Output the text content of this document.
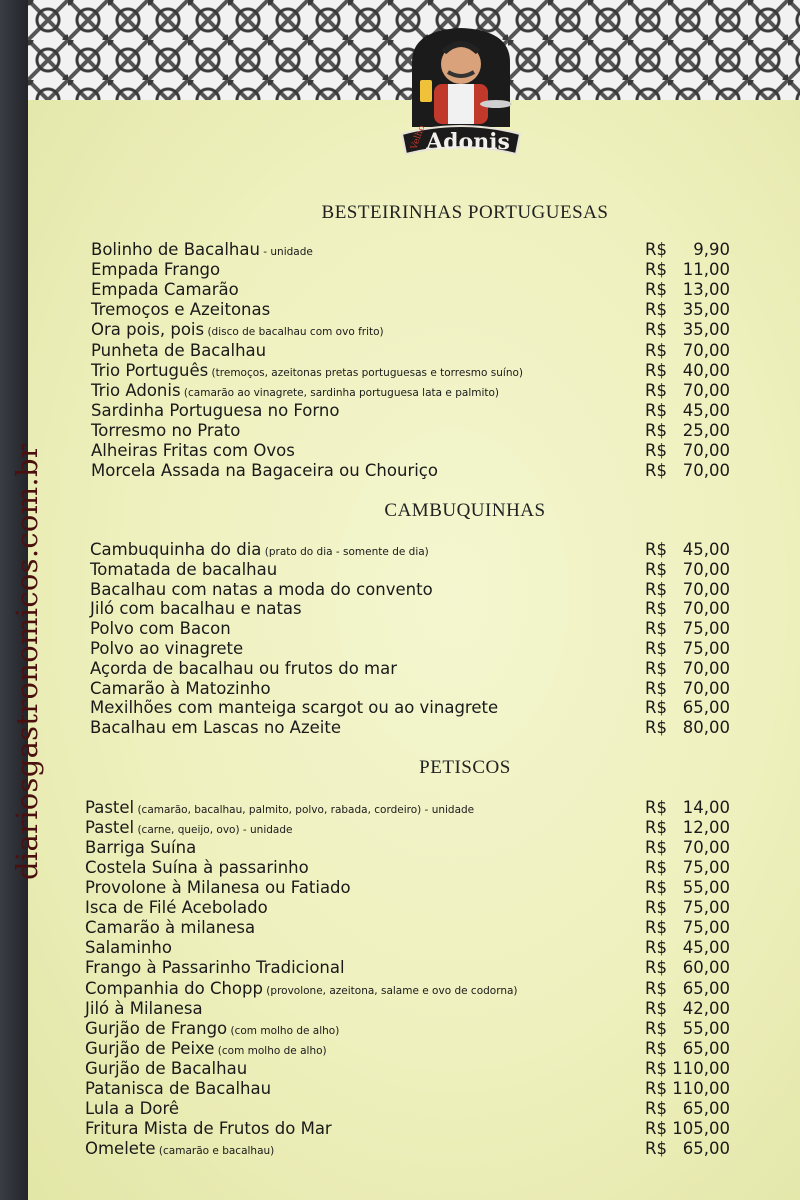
Velho
Adonis
diariosgastronomicos.com.br
BESTEIRINHAS PORTUGUESAS
Bolinho de Bacalhau - unidade	R$ 9,90
Empada Frango	R$ 11,00
Empada Camarão	R$ 13,00
Tremoços e Azeitonas	R$ 35,00
Ora pois, pois (disco de bacalhau com ovo frito)	R$ 35,00
Punheta de Bacalhau	R$ 70,00
Trio Português (tremoços, azeitonas pretas portuguesas e torresmo suíno)	R$ 40,00
Trio Adonis (camarão ao vinagrete, sardinha portuguesa lata e palmito)	R$ 70,00
Sardinha Portuguesa no Forno	R$ 45,00
Torresmo no Prato	R$ 25,00
Alheiras Fritas com Ovos	R$ 70,00
Morcela Assada na Bagaceira ou Chouriço	R$ 70,00
CAMBUQUINHAS
Cambuquinha do dia (prato do dia - somente de dia)	R$ 45,00
Tomatada de bacalhau	R$ 70,00
Bacalhau com natas a moda do convento	R$ 70,00
Jiló com bacalhau e natas	R$ 70,00
Polvo com Bacon	R$ 75,00
Polvo ao vinagrete	R$ 75,00
Açorda de bacalhau ou frutos do mar	R$ 70,00
Camarão à Matozinho	R$ 70,00
Mexilhões com manteiga scargot ou ao vinagrete	R$ 65,00
Bacalhau em Lascas no Azeite	R$ 80,00
PETISCOS
Pastel (camarão, bacalhau, palmito, polvo, rabada, cordeiro) - unidade	R$ 14,00
Pastel (carne, queijo, ovo) - unidade	R$ 12,00
Barriga Suína	R$ 70,00
Costela Suína à passarinho	R$ 75,00
Provolone à Milanesa ou Fatiado	R$ 55,00
Isca de Filé Acebolado	R$ 75,00
Camarão à milanesa	R$ 75,00
Salaminho	R$ 45,00
Frango à Passarinho Tradicional	R$ 60,00
Companhia do Chopp (provolone, azeitona, salame e ovo de codorna)	R$ 65,00
Jiló à Milanesa	R$ 42,00
Gurjão de Frango (com molho de alho)	R$ 55,00
Gurjão de Peixe (com molho de alho)	R$ 65,00
Gurjão de Bacalhau	R$ 110,00
Patanisca de Bacalhau	R$ 110,00
Lula a Dorê	R$ 65,00
Fritura Mista de Frutos do Mar	R$ 105,00
Omelete (camarão e bacalhau)	R$ 65,00
